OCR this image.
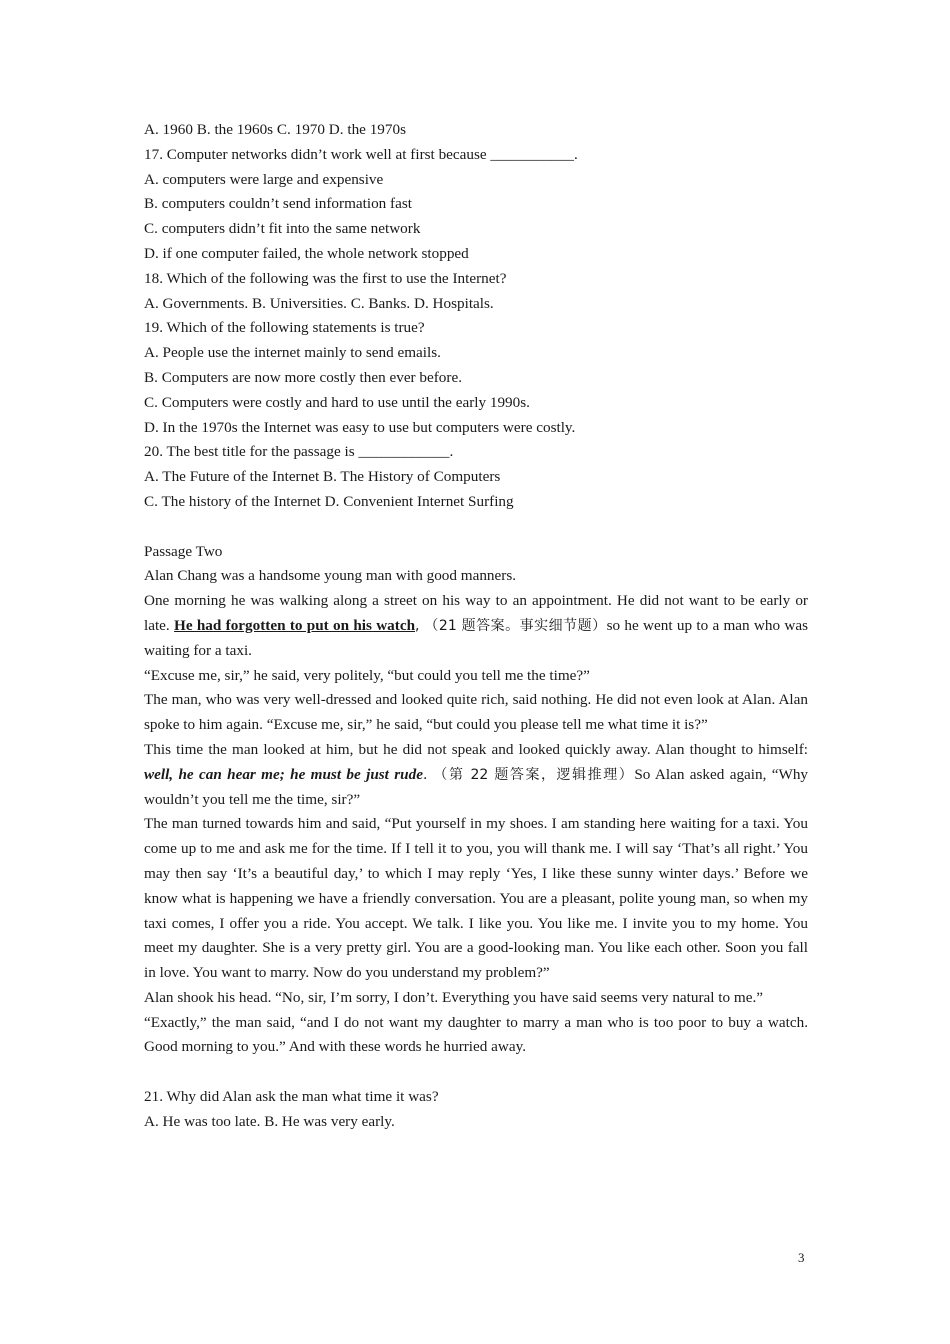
A. 1960 B. the 1960s C. 1970 D. the 1970s

17. Computer networks didn’t work well at first because ___________.

A. computers were large and expensive

B. computers couldn’t send information fast

C. computers didn’t fit into the same network

D. if one computer failed, the whole network stopped

18. Which of the following was the first to use the Internet?

A. Governments. B. Universities. C. Banks. D. Hospitals.

19. Which of the following statements is true?

A. People use the internet mainly to send emails.

B. Computers are now more costly then ever before.

C. Computers were costly and hard to use until the early 1990s.

D. In the 1970s the Internet was easy to use but computers were costly.

20. The best title for the passage is ____________.

A. The Future of the Internet B. The History of Computers

C. The history of the Internet D. Convenient Internet Surfing

Passage Two

Alan Chang was a handsome young man with good manners.

One morning he was walking along a street on his way to an appointment. He did not want to be early or late. He had forgotten to put on his watch, （21 题答案。事实细节题）so he went up to a man who was waiting for a taxi.

“Excuse me, sir,” he said, very politely, “but could you tell me the time?”

The man, who was very well-dressed and looked quite rich, said nothing. He did not even look at Alan. Alan spoke to him again. “Excuse me, sir,” he said, “but could you please tell me what time it is?”

This time the man looked at him, but he did not speak and looked quickly away. Alan thought to himself: well, he can hear me; he must be just rude. （第 22 题答案，逻辑推理）So Alan asked again, “Why wouldn’t you tell me the time, sir?”

The man turned towards him and said, “Put yourself in my shoes. I am standing here waiting for a taxi. You come up to me and ask me for the time. If I tell it to you, you will thank me. I will say ‘That’s all right.’ You may then say ‘It’s a beautiful day,’ to which I may reply ‘Yes, I like these sunny winter days.’ Before we know what is happening we have a friendly conversation. You are a pleasant, polite young man, so when my taxi comes, I offer you a ride. You accept. We talk. I like you. You like me. I invite you to my home. You meet my daughter. She is a very pretty girl. You are a good-looking man. You like each other. Soon you fall in love. You want to marry. Now do you understand my problem?”

Alan shook his head. “No, sir, I’m sorry, I don’t. Everything you have said seems very natural to me.”

“Exactly,” the man said, “and I do not want my daughter to marry a man who is too poor to buy a watch. Good morning to you.” And with these words he hurried away.

21. Why did Alan ask the man what time it was?

A. He was too late. B. He was very early.

3
